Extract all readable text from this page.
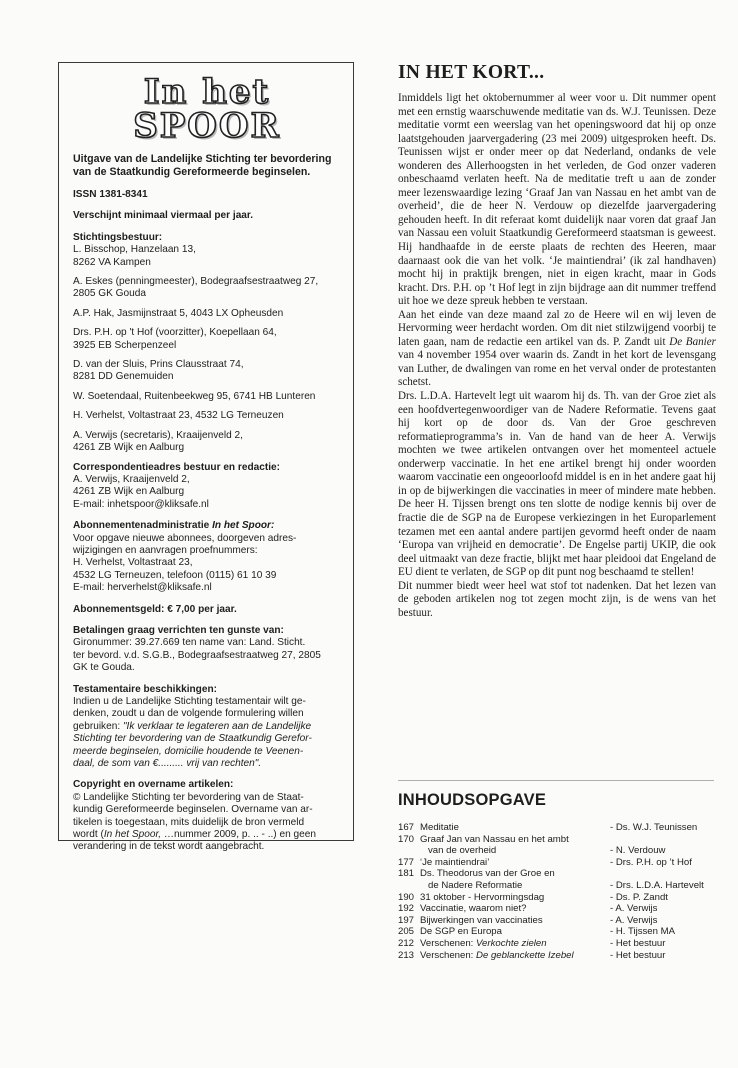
In het
SPOOR

Uitgave van de Landelijke Stichting ter bevordering van de Staatkundig Gereformeerde beginselen.

ISSN 1381-8341

Verschijnt minimaal viermaal per jaar.

Stichtingsbestuur:
L. Bisschop, Hanzelaan 13,
8262 VA Kampen
A. Eskes (penningmeester), Bodegraafsestraatweg 27,
2805 GK Gouda
A.P. Hak, Jasmijnstraat 5, 4043 LX Opheusden
Drs. P.H. op 't Hof (voorzitter), Koepellaan 64,
3925 EB Scherpenzeel
D. van der Sluis, Prins Clausstraat 74,
8281 DD Genemuiden
W. Soetendaal, Ruitenbeekweg 95, 6741 HB Lunteren
H. Verhelst, Voltastraat 23, 4532 LG Terneuzen
A. Verwijs (secretaris), Kraaijenveld 2,
4261 ZB Wijk en Aalburg
Correspondentieadres bestuur en redactie:
A. Verwijs, Kraaijenveld 2,
4261 ZB Wijk en Aalburg
E-mail: inhetspoor@kliksafe.nl
Abonnementenadministratie In het Spoor:
Voor opgave nieuwe abonnees, doorgeven adres-
wijzigingen en aanvragen proefnummers:
H. Verhelst, Voltastraat 23,
4532 LG Terneuzen, telefoon (0115) 61 10 39
E-mail: herverhelst@kliksafe.nl

Abonnementsgeld: € 7,00 per jaar.

Betalingen graag verrichten ten gunste van:
Gironummer: 39.27.669 ten name van: Land. Sticht.
ter bevord. v.d. S.G.B., Bodegraafsestraatweg 27, 2805
GK te Gouda.
Testamentaire beschikkingen:
Indien u de Landelijke Stichting testamentair wilt ge-
denken, zoudt u dan de volgende formulering willen
gebruiken: "Ik verklaar te legateren aan de Landelijke
Stichting ter bevordering van de Staatkundig Gerefor-
meerde beginselen, domicilie houdende te Veenen-
daal, de som van €......... vrij van rechten".
Copyright en overname artikelen:
© Landelijke Stichting ter bevordering van de Staat-
kundig Gereformeerde beginselen. Overname van ar-
tikelen is toegestaan, mits duidelijk de bron vermeld
wordt (In het Spoor, …nummer 2009, p. .. - ..) en geen
verandering in de tekst wordt aangebracht.
IN HET KORT...

Inmiddels ligt het oktobernummer al weer voor u. Dit nummer opent met een ernstig waarschuwende meditatie van ds. W.J. Teunissen. Deze meditatie vormt een weerslag van het openingswoord dat hij op onze laatstgehouden jaarvergadering (23 mei 2009) uitgesproken heeft. Ds. Teunissen wijst er onder meer op dat Nederland, ondanks de vele wonderen des Allerhoogsten in het verleden, de God onzer vaderen onbeschaamd verlaten heeft. Na de meditatie treft u aan de zonder meer lezenswaardige lezing ‘Graaf Jan van Nassau en het ambt van de overheid’, die de heer N. Verdouw op diezelfde jaarvergadering gehouden heeft. In dit referaat komt duidelijk naar voren dat graaf Jan van Nassau een voluit Staatkundig Gereformeerd staatsman is geweest. Hij handhaafde in de eerste plaats de rechten des Heeren, maar daarnaast ook die van het volk. ‘Je maintiendrai’ (ik zal handhaven) mocht hij in praktijk brengen, niet in eigen kracht, maar in Gods kracht. Drs. P.H. op ’t Hof legt in zijn bijdrage aan dit nummer treffend uit hoe we deze spreuk hebben te verstaan.

Aan het einde van deze maand zal zo de Heere wil en wij leven de Hervorming weer herdacht worden. Om dit niet stilzwijgend voorbij te laten gaan, nam de redactie een artikel van ds. P. Zandt uit De Banier van 4 november 1954 over waarin ds. Zandt in het kort de levensgang van Luther, de dwalingen van rome en het verval onder de protestanten schetst.

Drs. L.D.A. Hartevelt legt uit waarom hij ds. Th. van der Groe ziet als een hoofdvertegenwoordiger van de Nadere Reformatie. Tevens gaat hij kort op de door ds. Van der Groe geschreven reformatieprogramma’s in. Van de hand van de heer A. Verwijs mochten we twee artikelen ontvangen over het momenteel actuele onderwerp vaccinatie. In het ene artikel brengt hij onder woorden waarom vaccinatie een ongeoorloofd middel is en in het andere gaat hij in op de bijwerkingen die vaccinaties in meer of mindere mate hebben. De heer H. Tijssen brengt ons ten slotte de nodige kennis bij over de fractie die de SGP na de Europese verkiezingen in het Europarlement tezamen met een aantal andere partijen gevormd heeft onder de naam ‘Europa van vrijheid en democratie’. De Engelse partij UKIP, die ook deel uitmaakt van deze fractie, blijkt met haar pleidooi dat Engeland de EU dient te verlaten, de SGP op dit punt nog beschaamd te stellen!

Dit nummer biedt weer heel wat stof tot nadenken. Dat het lezen van de geboden artikelen nog tot zegen mocht zijn, is de wens van het bestuur.

INHOUDSOPGAVE
167 Meditatie	- Ds. W.J. Teunissen
170 Graaf Jan van Nassau en het ambt
van de overheid	- N. Verdouw
177 ‘Je maintiendrai’	- Drs. P.H. op ’t Hof
181 Ds. Theodorus van der Groe en
de Nadere Reformatie	- Drs. L.D.A. Hartevelt
190 31 oktober - Hervormingsdag	- Ds. P. Zandt
192 Vaccinatie, waarom niet?	- A. Verwijs
197 Bijwerkingen van vaccinaties	- A. Verwijs
205 De SGP en Europa	- H. Tijssen MA
212 Verschenen: Verkochte zielen	- Het bestuur
213 Verschenen: De geblanckette Izebel	- Het bestuur
